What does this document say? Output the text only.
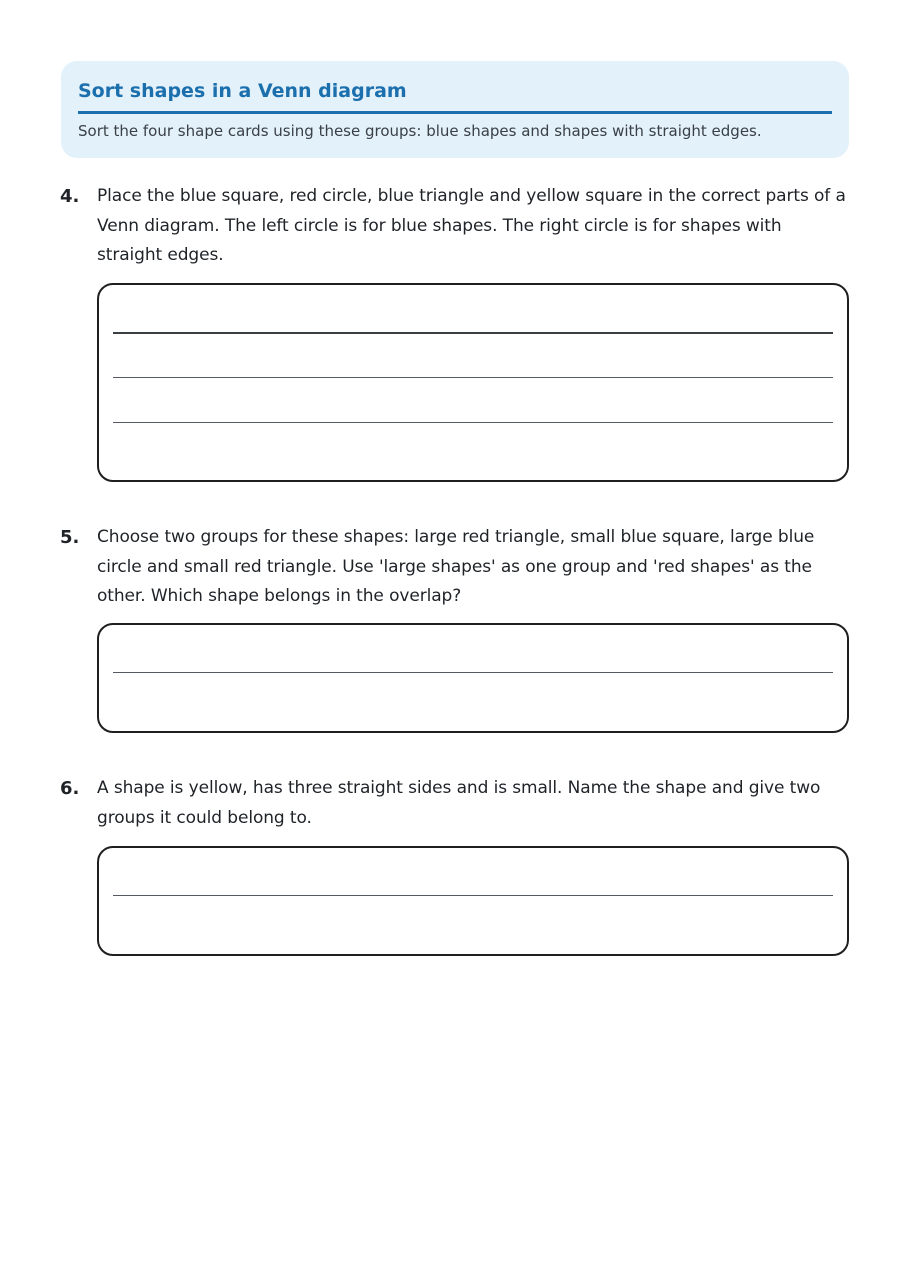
Sort shapes in a Venn diagram

Sort the four shape cards using these groups: blue shapes and shapes with straight edges.

4. Place the blue square, red circle, blue triangle and yellow square in the correct parts of a Venn diagram. The left circle is for blue shapes. The right circle is for shapes with straight edges.

5. Choose two groups for these shapes: large red triangle, small blue square, large blue circle and small red triangle. Use 'large shapes' as one group and 'red shapes' as the other. Which shape belongs in the overlap?

6. A shape is yellow, has three straight sides and is small. Name the shape and give two groups it could belong to.
